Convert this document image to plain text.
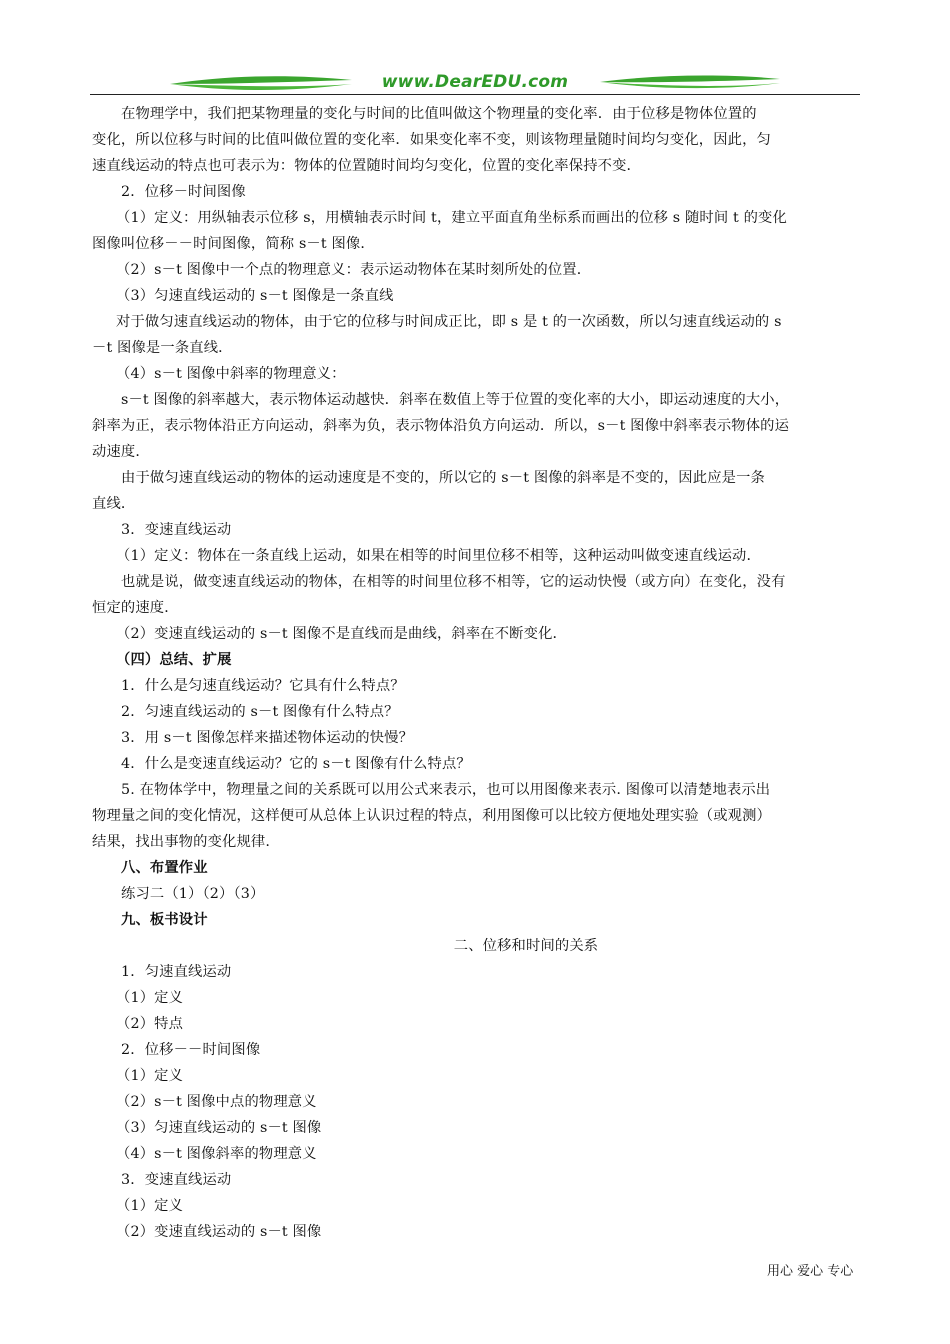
www.DearEDU.com
在物理学中，我们把某物理量的变化与时间的比值叫做这个物理量的变化率．由于位移是物体位置的
变化，所以位移与时间的比值叫做位置的变化率．如果变化率不变，则该物理量随时间均匀变化，因此，匀
速直线运动的特点也可表示为：物体的位置随时间均匀变化，位置的变化率保持不变．
2．位移－时间图像
（1）定义：用纵轴表示位移 s，用横轴表示时间 t，建立平面直角坐标系而画出的位移 s 随时间 t 的变化
图像叫位移－－时间图像，简称 s－t 图像．
（2）s－t 图像中一个点的物理意义：表示运动物体在某时刻所处的位置．
（3）匀速直线运动的 s－t 图像是一条直线
对于做匀速直线运动的物体，由于它的位移与时间成正比，即 s 是 t 的一次函数，所以匀速直线运动的 s
－t 图像是一条直线．
（4）s－t 图像中斜率的物理意义：
s－t 图像的斜率越大，表示物体运动越快．斜率在数值上等于位置的变化率的大小，即运动速度的大小，
斜率为正，表示物体沿正方向运动，斜率为负，表示物体沿负方向运动．所以，s－t 图像中斜率表示物体的运
动速度．
由于做匀速直线运动的物体的运动速度是不变的，所以它的 s－t 图像的斜率是不变的，因此应是一条
直线．
3．变速直线运动
（1）定义：物体在一条直线上运动，如果在相等的时间里位移不相等，这种运动叫做变速直线运动．
也就是说，做变速直线运动的物体，在相等的时间里位移不相等，它的运动快慢（或方向）在变化，没有
恒定的速度．
（2）变速直线运动的 s－t 图像不是直线而是曲线，斜率在不断变化．
（四）总结、扩展
1．什么是匀速直线运动？它具有什么特点？
2．匀速直线运动的 s－t 图像有什么特点？
3．用 s－t 图像怎样来描述物体运动的快慢？
4．什么是变速直线运动？它的 s－t 图像有什么特点？
5. 在物体学中，物理量之间的关系既可以用公式来表示，也可以用图像来表示. 图像可以清楚地表示出
物理量之间的变化情况，这样便可从总体上认识过程的特点，利用图像可以比较方便地处理实验（或观测）
结果，找出事物的变化规律.
八、布置作业
练习二（1）（2）（3）
九、板书设计
二、位移和时间的关系
1．匀速直线运动
（1）定义
（2）特点
2．位移－－时间图像
（1）定义
（2）s－t 图像中点的物理意义
（3）匀速直线运动的 s－t 图像
（4）s－t 图像斜率的物理意义
3．变速直线运动
（1）定义
（2）变速直线运动的 s－t 图像
用心 爱心 专心
